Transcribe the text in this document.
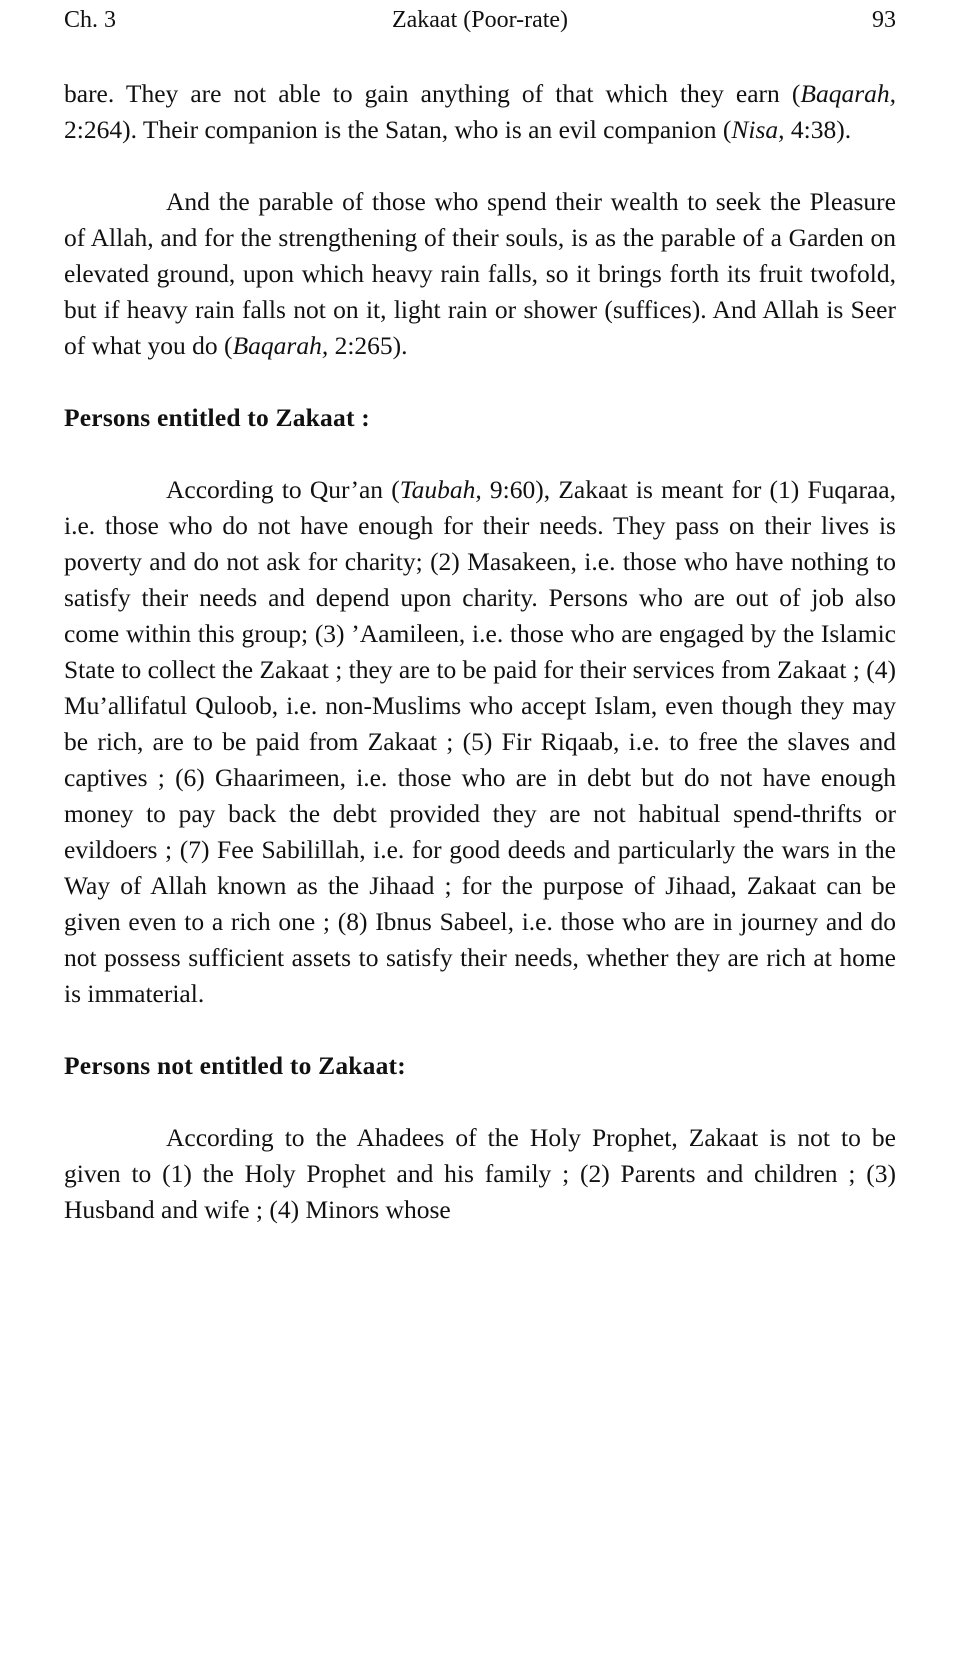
Ch. 3	Zakaat (Poor-rate)	93

bare. They are not able to gain anything of that which they earn (Baqarah, 2:264). Their companion is the Satan, who is an evil companion (Nisa, 4:38).

And the parable of those who spend their wealth to seek the Pleasure of Allah, and for the strengthening of their souls, is as the parable of a Garden on elevated ground, upon which heavy rain falls, so it brings forth its fruit twofold, but if heavy rain falls not on it, light rain or shower (suffices). And Allah is Seer of what you do (Baqarah, 2:265).

Persons entitled to Zakaat :

According to Qur’an (Taubah, 9:60), Zakaat is meant for (1) Fuqaraa, i.e. those who do not have enough for their needs. They pass on their lives is poverty and do not ask for charity; (2) Masakeen, i.e. those who have nothing to satisfy their needs and depend upon charity. Persons who are out of job also come within this group; (3) ’Aamileen, i.e. those who are engaged by the Islamic State to collect the Zakaat ; they are to be paid for their services from Zakaat ; (4) Mu’allifatul Quloob, i.e. non-Muslims who accept Islam, even though they may be rich, are to be paid from Zakaat ; (5) Fir Riqaab, i.e. to free the slaves and captives ; (6) Ghaarimeen, i.e. those who are in debt but do not have enough money to pay back the debt provided they are not habitual spend-thrifts or evildoers ; (7) Fee Sabilillah, i.e. for good deeds and particularly the wars in the Way of Allah known as the Jihaad ; for the purpose of Jihaad, Zakaat can be given even to a rich one ; (8) Ibnus Sabeel, i.e. those who are in journey and do not possess sufficient assets to satisfy their needs, whether they are rich at home is immaterial.

Persons not entitled to Zakaat:

According to the Ahadees of the Holy Prophet, Zakaat is not to be given to (1) the Holy Prophet and his family ; (2) Parents and children ; (3) Husband and wife ; (4) Minors whose
